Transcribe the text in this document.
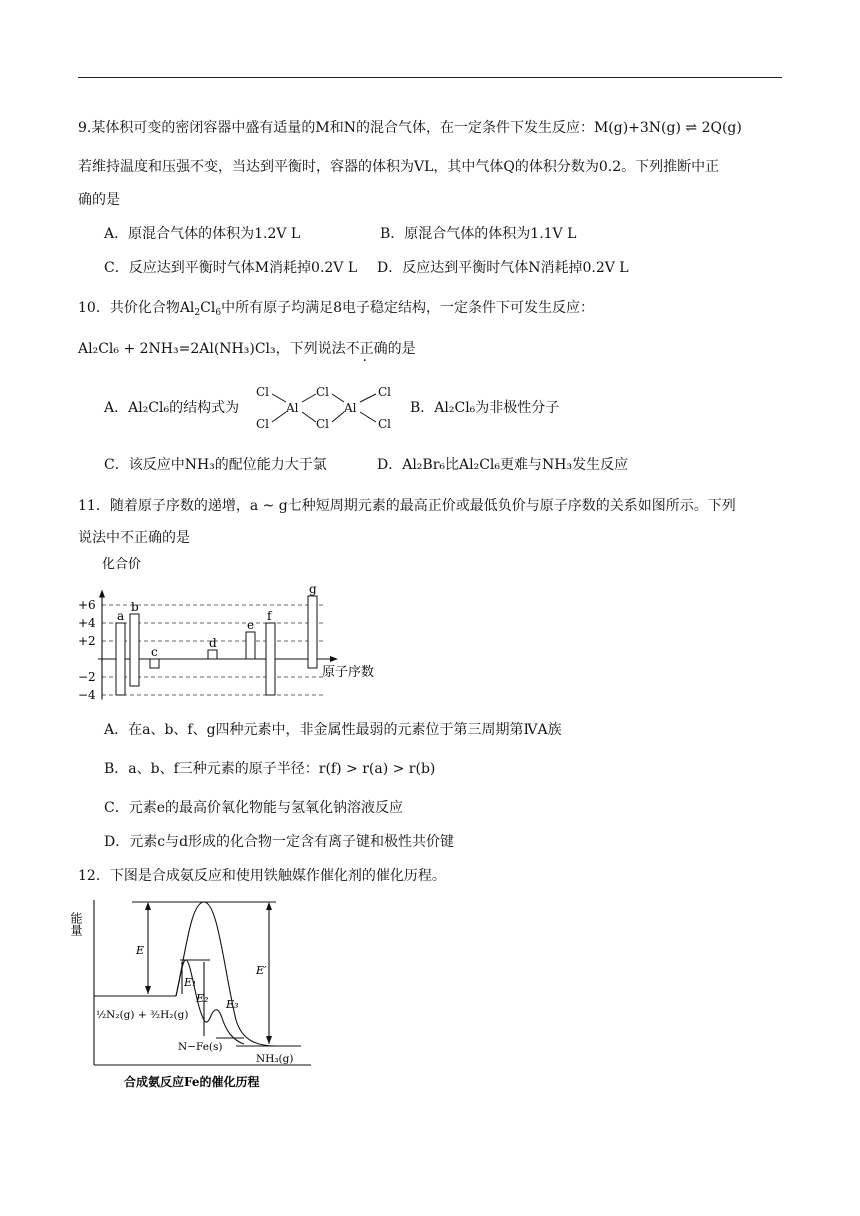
9.某体积可变的密闭容器中盛有适量的M和N的混合气体，在一定条件下发生反应：M(g)+3N(g) ⇌ 2Q(g)
若维持温度和压强不变，当达到平衡时，容器的体积为VL，其中气体Q的体积分数为0.2。下列推断中正
确的是
A．原混合气体的体积为1.2V L	B．原混合气体的体积为1.1V L
C．反应达到平衡时气体M消耗掉0.2V L D．反应达到平衡时气体N消耗掉0.2V L
10．共价化合物$Al_2Cl_6$中所有原子均满足8电子稳定结构，一定条件下可发生反应：
Al₂Cl₆ + 2NH₃=2Al(NH₃)Cl₃，下列说法不正确的是
A．Al₂Cl₆的结构式为
Cl
Al
Cl
Al
Cl
Cl	Cl	Cl
B．Al₂Cl₆为非极性分子
C．该反应中NH₃的配位能力大于氯	D．Al₂Br₆比Al₂Cl₆更难与NH₃发生反应
11．随着原子序数的递增，a ~ g七种短周期元素的最高正价或最低负价与原子序数的关系如图所示。下列
说法中不正确的是
+6
+4
+2
−2
−4
a
b
c
d
e
f
g
化合价
原子序数
A．在a、b、f、g四种元素中，非金属性最弱的元素位于第三周期第ⅣA族
B．a、b、f三种元素的原子半径：r(f) > r(a) > r(b)
C．元素e的最高价氧化物能与氢氧化钠溶液反应
D．元素c与d形成的化合物一定含有离子键和极性共价键
12．下图是合成氨反应和使用铁触媒作催化剂的催化历程。
能量
E
E₁
E₂ E₃
E′
½N₂(g) + ³⁄₂H₂(g)
N−Fe(s)
NH₃(g)
合成氨反应Fe的催化历程
